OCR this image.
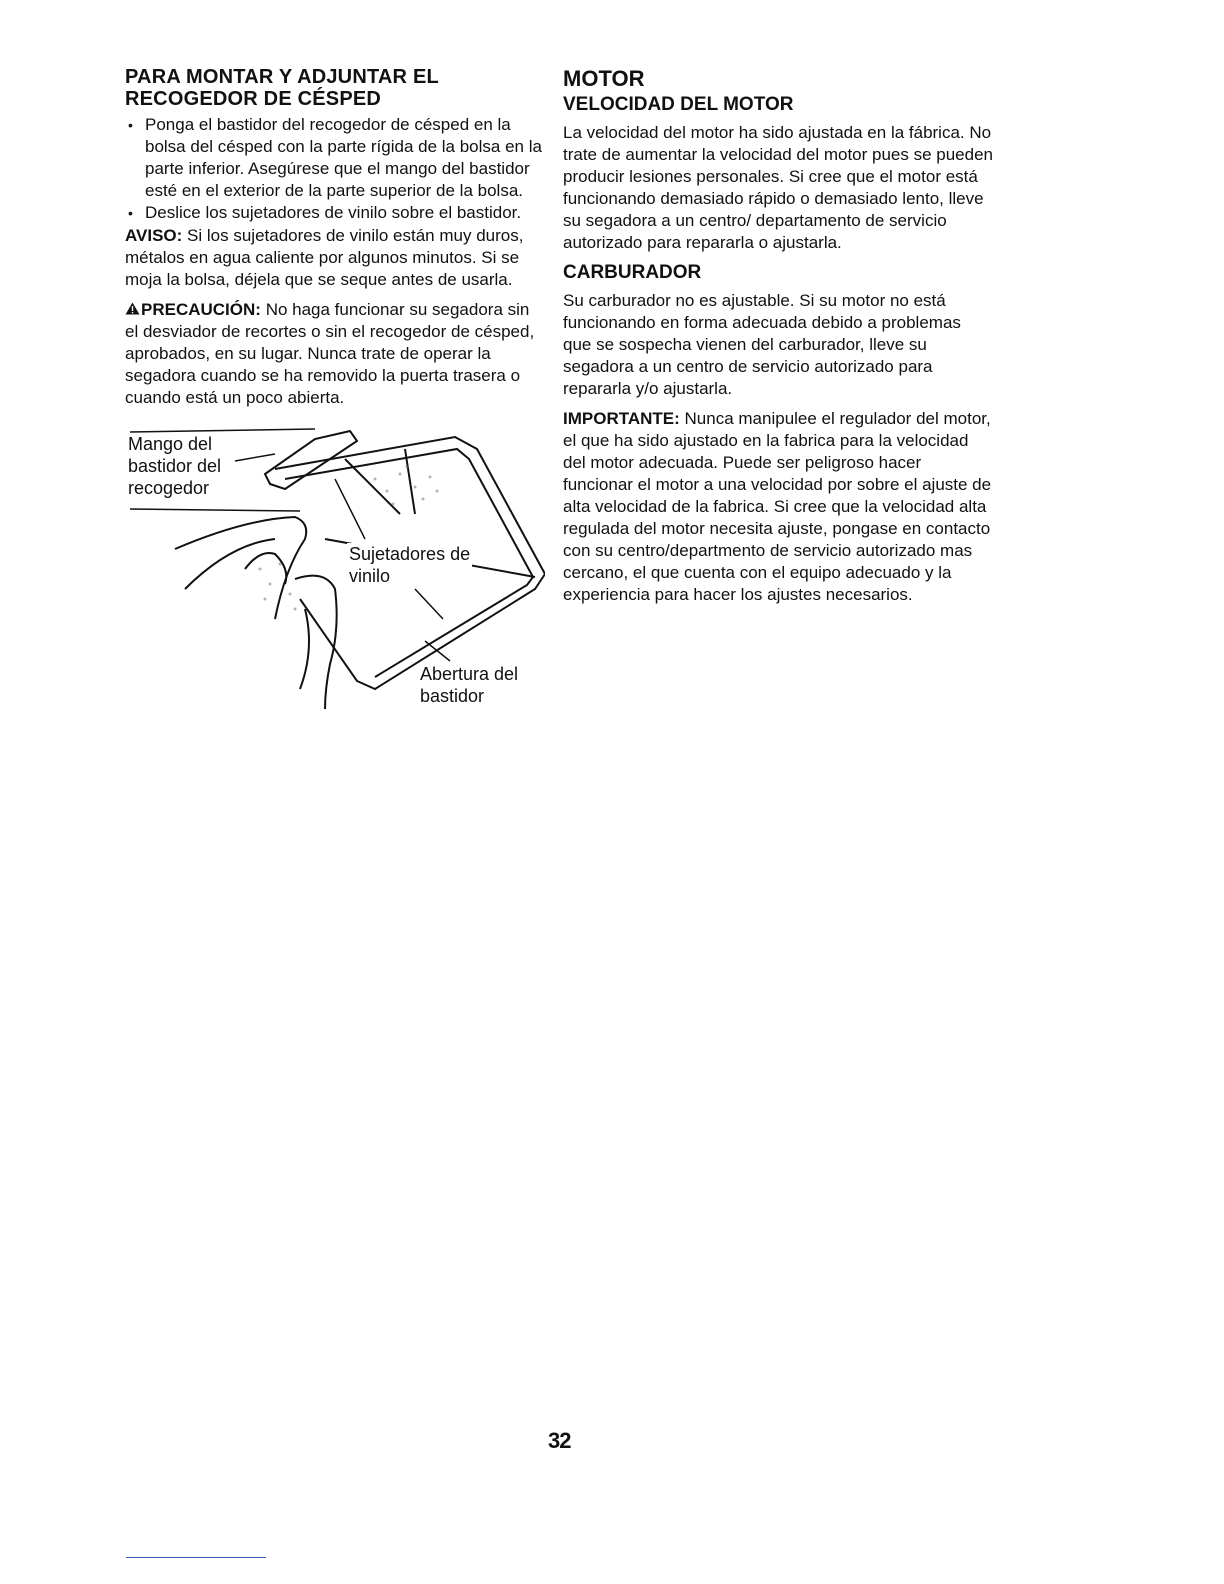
PARA MONTAR Y ADJUNTAR EL RECOGEDOR DE CÉSPED
• Ponga el bastidor del recogedor de césped en la bolsa del césped con la parte rígida de la bolsa en la parte inferior. Asegúrese que el mango del bastidor esté en el exterior de la parte superior de la bolsa.
• Deslice los sujetadores de vinilo sobre el bastidor.

AVISO: Si los sujetadores de vinilo están muy duros, métalos en agua caliente por algunos minutos. Si se moja la bolsa, déjela que se seque antes de usarla.

PRECAUCIÓN: No haga funcionar su segadora sin el desviador de recortes o sin el recogedor de césped, aprobados, en su lugar. Nunca trate de operar la segadora cuando se ha removido la puerta trasera o cuando está un poco abierta.

Mango del
bastidor del
recogedor
Sujetadores de
vinilo
Abertura del
bastidor
MOTOR
VELOCIDAD DEL MOTOR

La velocidad del motor ha sido ajustada en la fábrica. No trate de aumentar la velocidad del motor pues se pueden producir lesiones personales. Si cree que el motor está funcionando demasiado rápido o demasiado lento, lleve su segadora a un centro/ departamento de servicio autorizado para repararla o ajustarla.

CARBURADOR

Su carburador no es ajustable. Si su motor no está funcionando en forma adecuada debido a problemas que se sospecha vienen del carburador, lleve su segadora a un centro de servicio autorizado para repararla y/o ajustarla.

IMPORTANTE: Nunca manipulee el regulador del motor, el que ha sido ajustado en la fabrica para la velocidad del motor adecuada. Puede ser peligroso hacer funcionar el motor a una velocidad por sobre el ajuste de alta velocidad de la fabrica. Si cree que la velocidad alta regulada del motor necesita ajuste, pongase en contacto con su centro/departmento de servicio autorizado mas cercano, el que cuenta con el equipo adecuado y la experiencia para hacer los ajustes necesarios.

32
